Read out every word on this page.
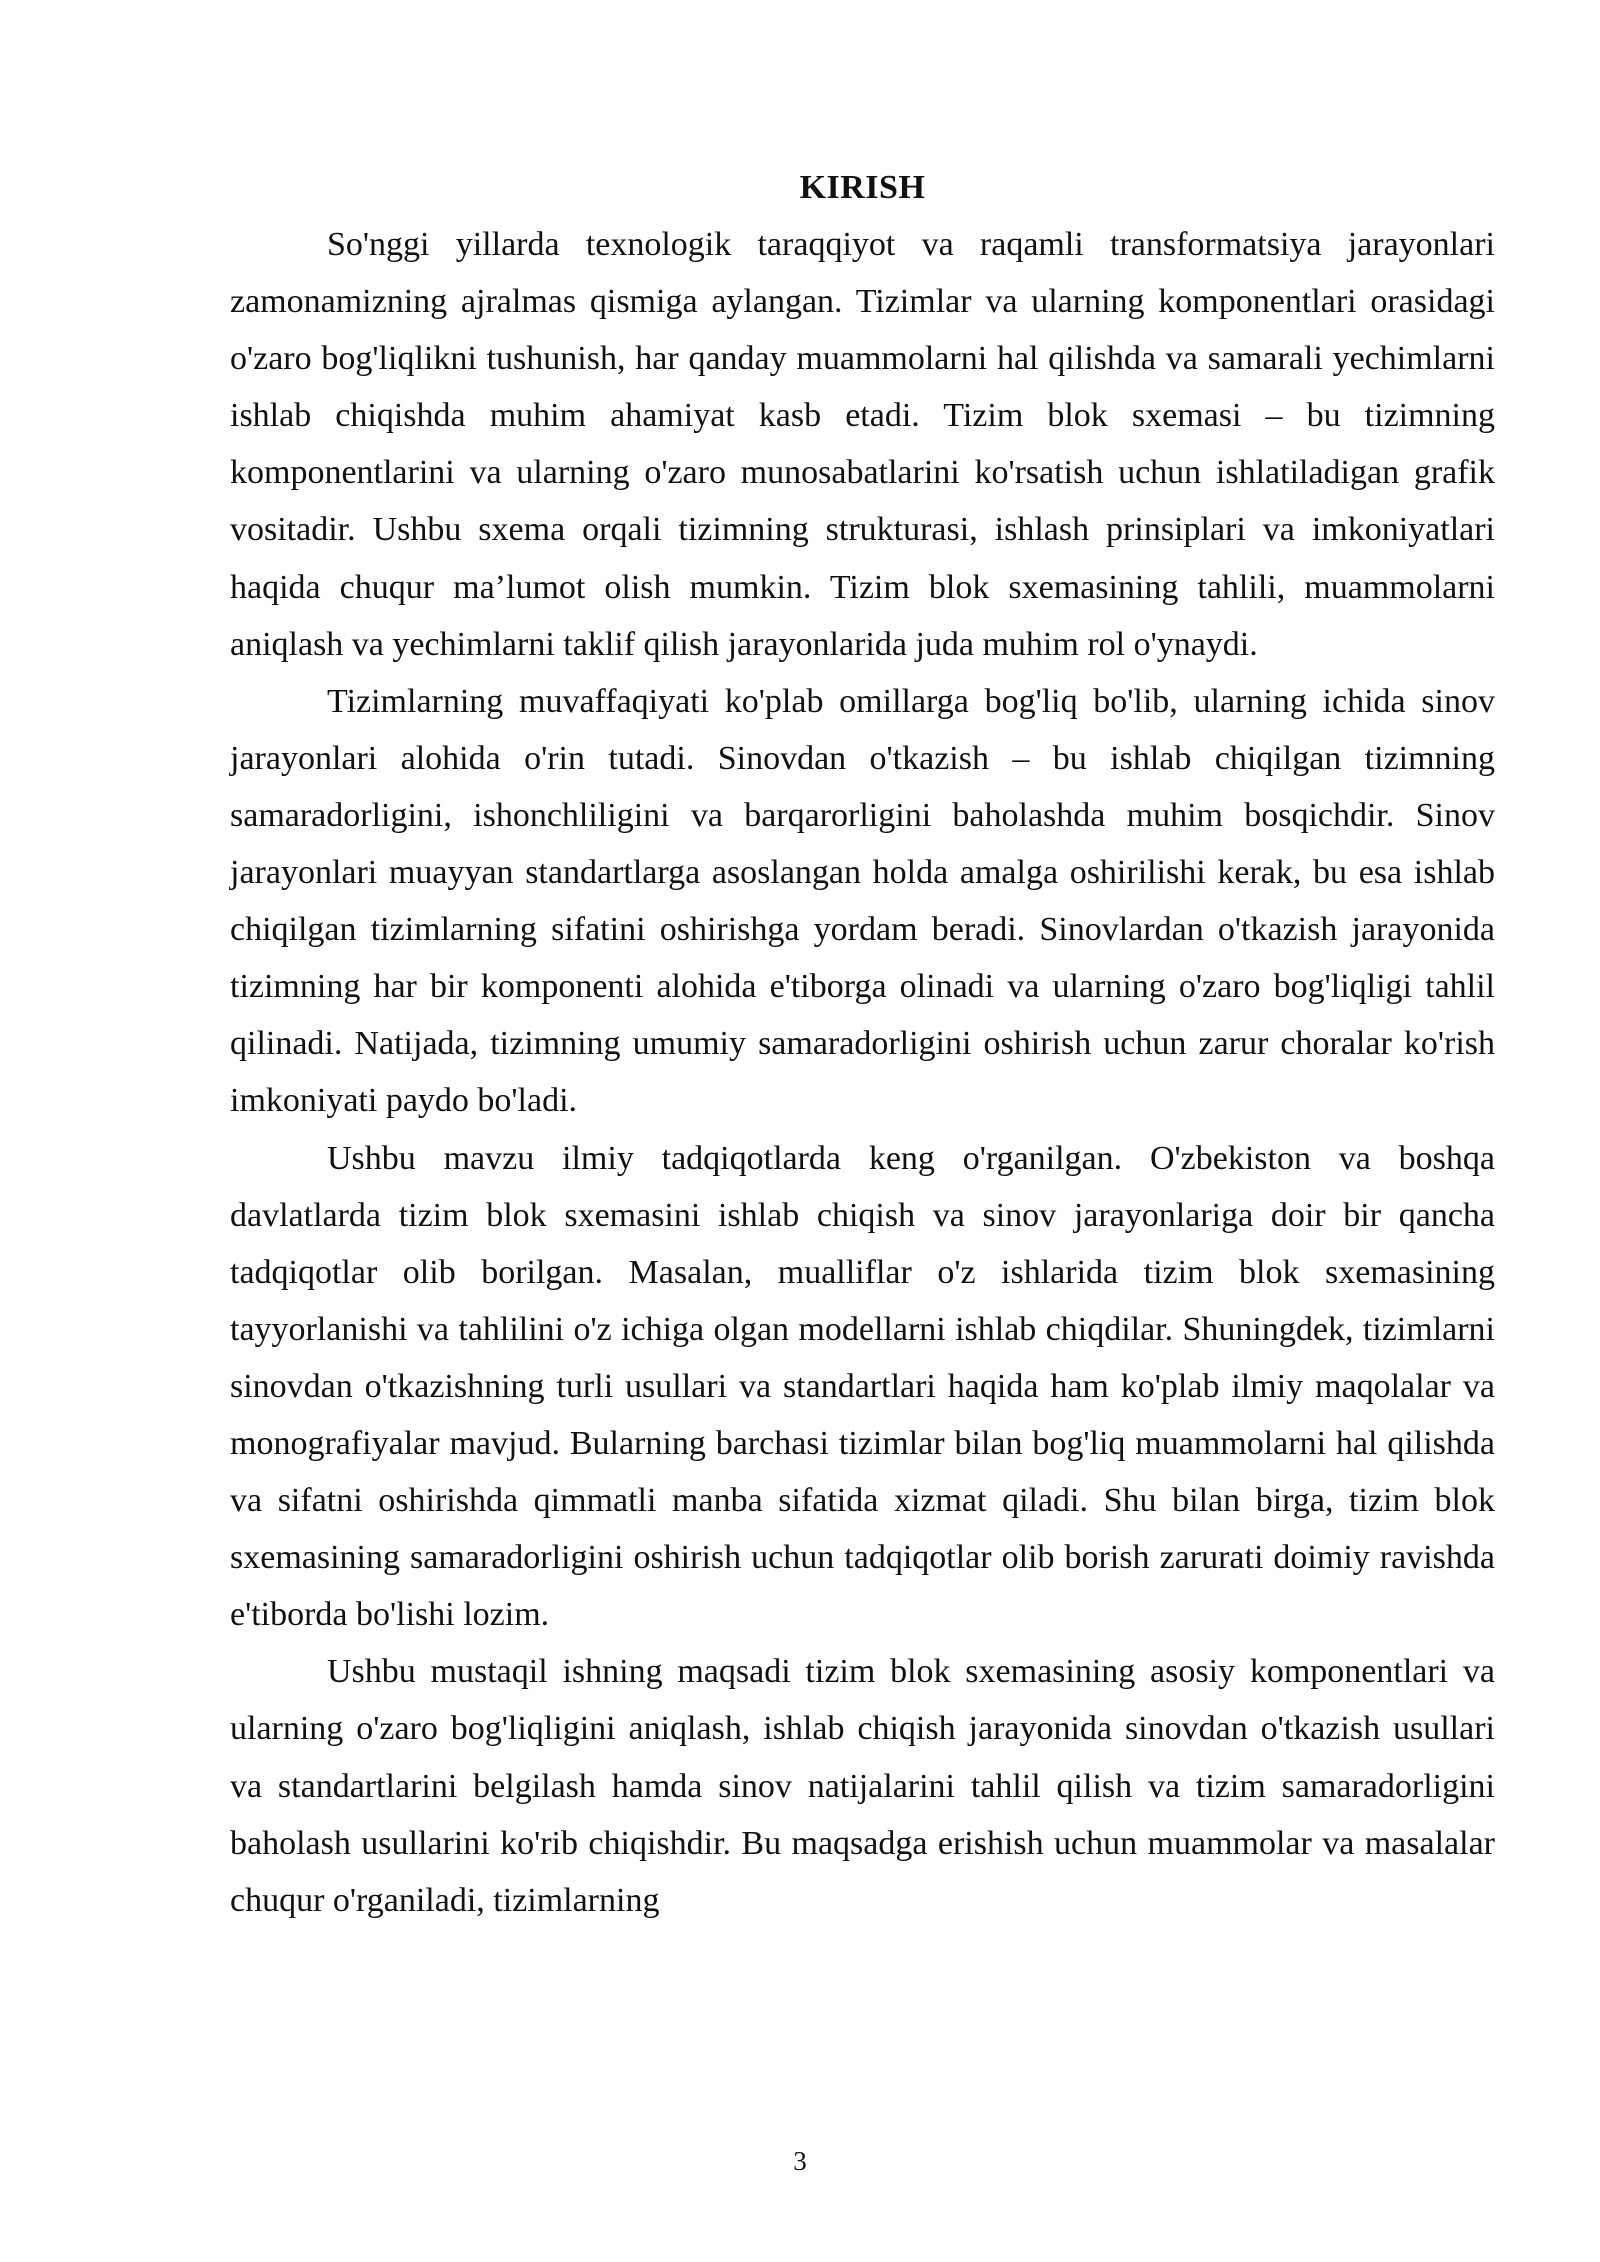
KIRISH

So'nggi yillarda texnologik taraqqiyot va raqamli transformatsiya jarayonlari zamonamizning ajralmas qismiga aylangan. Tizimlar va ularning komponentlari orasidagi o'zaro bog'liqlikni tushunish, har qanday muammolarni hal qilishda va samarali yechimlarni ishlab chiqishda muhim ahamiyat kasb etadi. Tizim blok sxemasi – bu tizimning komponentlarini va ularning o'zaro munosabatlarini ko'rsatish uchun ishlatiladigan grafik vositadir. Ushbu sxema orqali tizimning strukturasi, ishlash prinsiplari va imkoniyatlari haqida chuqur ma’lumot olish mumkin. Tizim blok sxemasining tahlili, muammolarni aniqlash va yechimlarni taklif qilish jarayonlarida juda muhim rol o'ynaydi.

Tizimlarning muvaffaqiyati ko'plab omillarga bog'liq bo'lib, ularning ichida sinov jarayonlari alohida o'rin tutadi. Sinovdan o'tkazish – bu ishlab chiqilgan tizimning samaradorligini, ishonchliligini va barqarorligini baholashda muhim bosqichdir. Sinov jarayonlari muayyan standartlarga asoslangan holda amalga oshirilishi kerak, bu esa ishlab chiqilgan tizimlarning sifatini oshirishga yordam beradi. Sinovlardan o'tkazish jarayonida tizimning har bir komponenti alohida e'tiborga olinadi va ularning o'zaro bog'liqligi tahlil qilinadi. Natijada, tizimning umumiy samaradorligini oshirish uchun zarur choralar ko'rish imkoniyati paydo bo'ladi.

Ushbu mavzu ilmiy tadqiqotlarda keng o'rganilgan. O'zbekiston va boshqa davlatlarda tizim blok sxemasini ishlab chiqish va sinov jarayonlariga doir bir qancha tadqiqotlar olib borilgan. Masalan, mualliflar o'z ishlarida tizim blok sxemasining tayyorlanishi va tahlilini o'z ichiga olgan modellarni ishlab chiqdilar. Shuningdek, tizimlarni sinovdan o'tkazishning turli usullari va standartlari haqida ham ko'plab ilmiy maqolalar va monografiyalar mavjud. Bularning barchasi tizimlar bilan bog'liq muammolarni hal qilishda va sifatni oshirishda qimmatli manba sifatida xizmat qiladi. Shu bilan birga, tizim blok sxemasining samaradorligini oshirish uchun tadqiqotlar olib borish zarurati doimiy ravishda e'tiborda bo'lishi lozim.

Ushbu mustaqil ishning maqsadi tizim blok sxemasining asosiy komponentlari va ularning o'zaro bog'liqligini aniqlash, ishlab chiqish jarayonida sinovdan o'tkazish usullari va standartlarini belgilash hamda sinov natijalarini tahlil qilish va tizim samaradorligini baholash usullarini ko'rib chiqishdir. Bu maqsadga erishish uchun muammolar va masalalar chuqur o'rganiladi, tizimlarning

3
